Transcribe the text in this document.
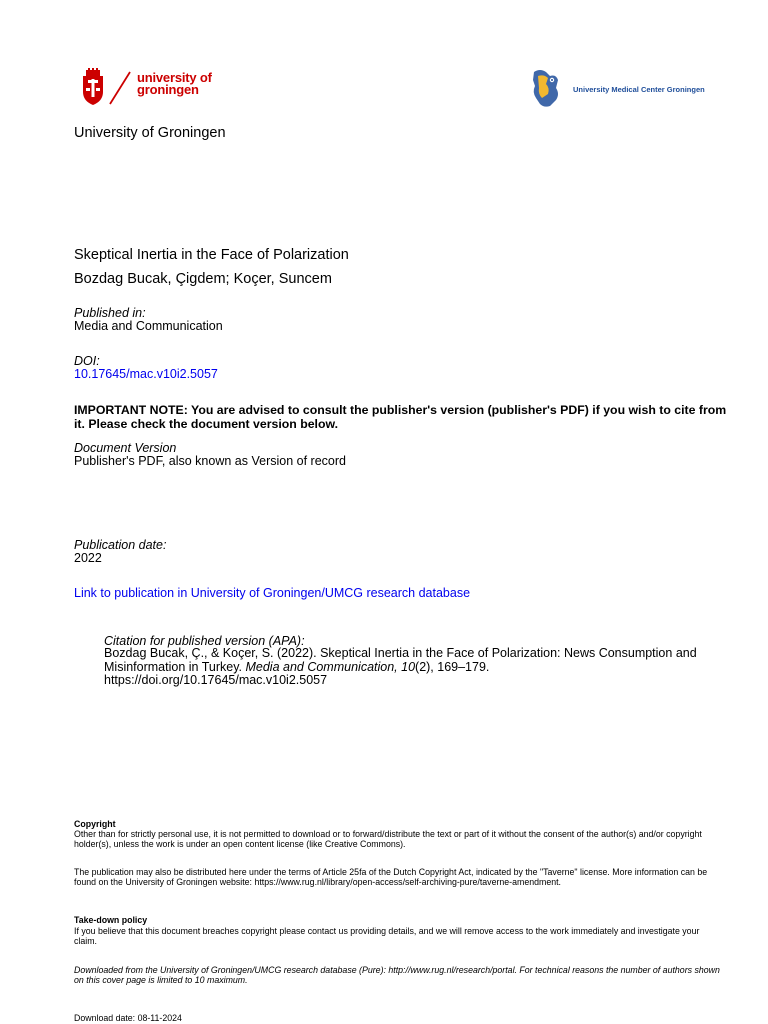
university of
groningen	University Medical Center Groningen
University of Groningen
Skeptical Inertia in the Face of Polarization
Bozdag Bucak, Çigdem; Koçer, Suncem
Published in:
Media and Communication
DOI:
10.17645/mac.v10i2.5057
IMPORTANT NOTE: You are advised to consult the publisher's version (publisher's PDF) if you wish to cite from it. Please check the document version below.
Document Version
Publisher's PDF, also known as Version of record
Publication date:
2022
Link to publication in University of Groningen/UMCG research database
Citation for published version (APA):
Bozdag Bucak, Ç., & Koçer, S. (2022). Skeptical Inertia in the Face of Polarization: News Consumption and Misinformation in Turkey. Media and Communication, 10(2), 169–179.
https://doi.org/10.17645/mac.v10i2.5057
Copyright
Other than for strictly personal use, it is not permitted to download or to forward/distribute the text or part of it without the consent of the author(s) and/or copyright holder(s), unless the work is under an open content license (like Creative Commons).
The publication may also be distributed here under the terms of Article 25fa of the Dutch Copyright Act, indicated by the "Taverne" license. More information can be found on the University of Groningen website: https://www.rug.nl/library/open-access/self-archiving-pure/taverne-amendment.
Take-down policy
If you believe that this document breaches copyright please contact us providing details, and we will remove access to the work immediately and investigate your claim.
Downloaded from the University of Groningen/UMCG research database (Pure): http://www.rug.nl/research/portal. For technical reasons the number of authors shown on this cover page is limited to 10 maximum.
Download date: 08-11-2024
